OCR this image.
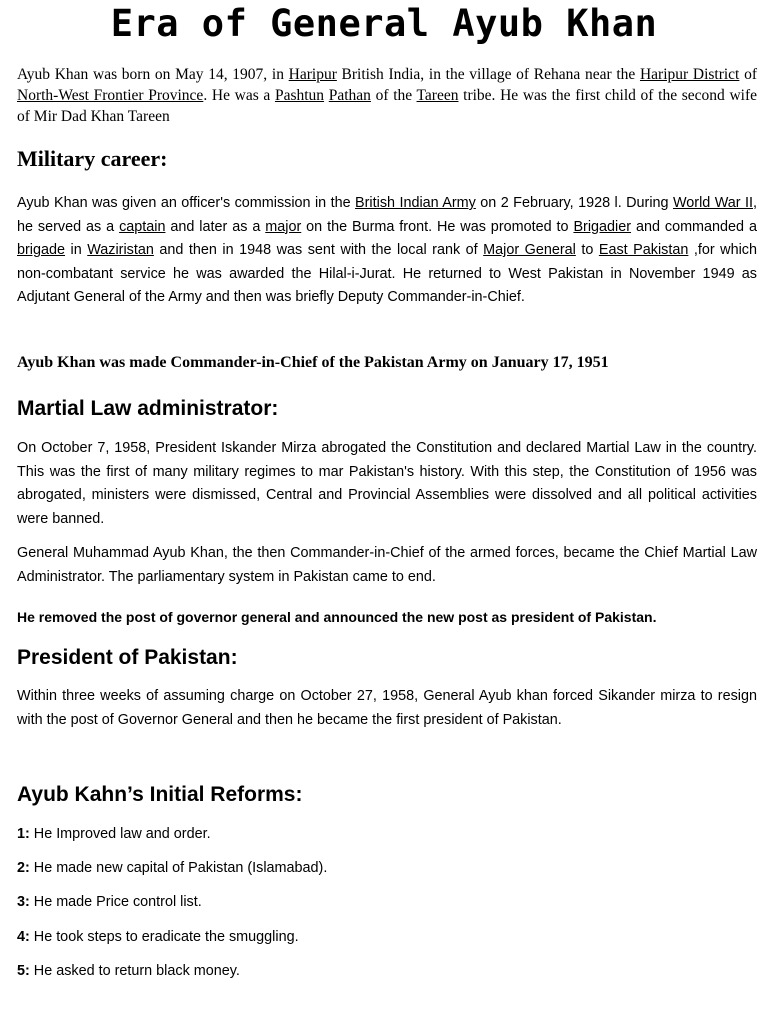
Era of General Ayub Khan

Ayub Khan was born on May 14, 1907, in Haripur British India, in the village of Rehana near the Haripur District of North-West Frontier Province. He was a Pashtun Pathan of the Tareen tribe. He was the first child of the second wife of Mir Dad Khan Tareen

Military career:

Ayub Khan was given an officer's commission in the British Indian Army on 2 February, 1928 l. During World War II, he served as a captain and later as a major on the Burma front. He was promoted to Brigadier and commanded a brigade in Waziristan and then in 1948 was sent with the local rank of Major General to East Pakistan ,for which non-combatant service he was awarded the Hilal-i-Jurat. He returned to West Pakistan in November 1949 as Adjutant General of the Army and then was briefly Deputy Commander-in-Chief.

Ayub Khan was made Commander-in-Chief of the Pakistan Army on January 17, 1951

Martial Law administrator:

On October 7, 1958, President Iskander Mirza abrogated the Constitution and declared Martial Law in the country. This was the first of many military regimes to mar Pakistan's history. With this step, the Constitution of 1956 was abrogated, ministers were dismissed, Central and Provincial Assemblies were dissolved and all political activities were banned.

General Muhammad Ayub Khan, the then Commander-in-Chief of the armed forces, became the Chief Martial Law Administrator. The parliamentary system in Pakistan came to end.

He removed the post of governor general and announced the new post as president of Pakistan.

President of Pakistan:

Within three weeks of assuming charge on October 27, 1958, General Ayub khan forced Sikander mirza to resign with the post of Governor General and then he became the first president of Pakistan.

Ayub Kahn’s Initial Reforms:

1: He Improved law and order.

2: He made new capital of Pakistan (Islamabad).

3: He made Price control list.

4: He took steps to eradicate the smuggling.

5: He asked to return black money.
